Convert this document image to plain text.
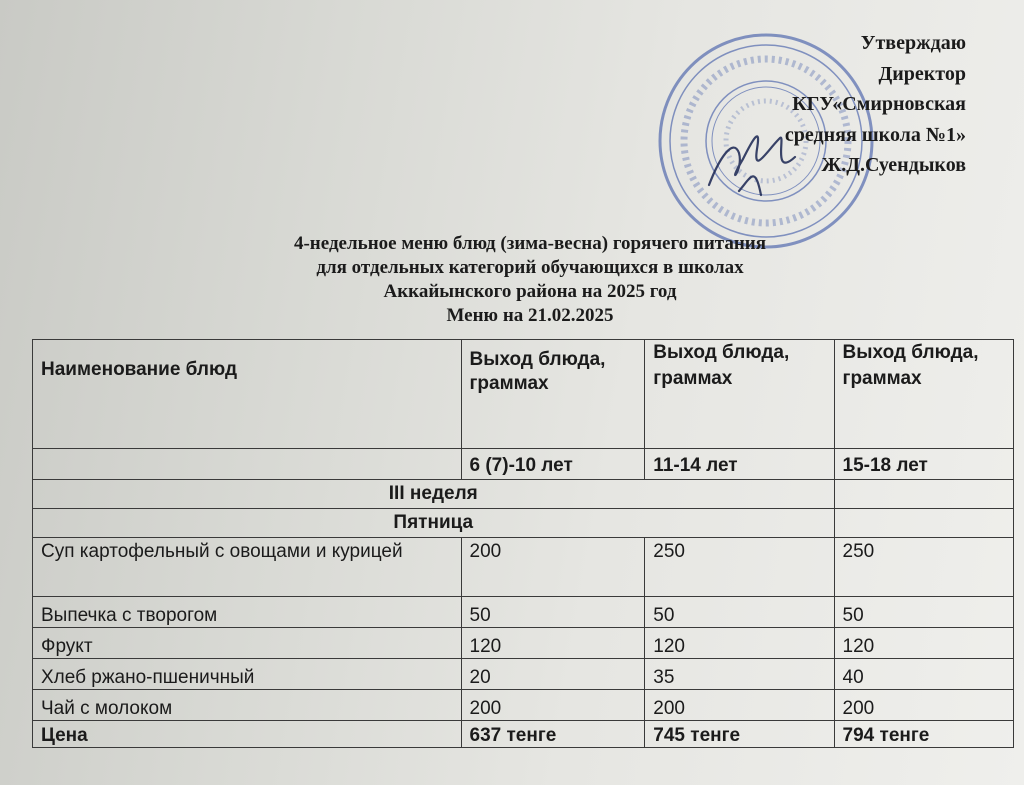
Утверждаю
Директор
КГУ«Смирновская
средняя школа №1»
Ж.Д.Суендыков
4-недельное меню блюд (зима-весна) горячего питания
для отдельных категорий обучающихся в школах
Аккайынского района на 2025 год
Меню на 21.02.2025
Наименование блюд	Выход блюда, граммах	Выход блюда, граммах	Выход блюда, граммах
	6 (7)-10 лет	11-14 лет	15-18 лет
III неделя			
Пятница			
Суп картофельный с овощами и курицей	200	250	250
Выпечка с творогом	50	50	50
Фрукт	120	120	120
Хлеб ржано-пшеничный	20	35	40
Чай с молоком	200	200	200
Цена	637 тенге	745 тенге	794 тенге
